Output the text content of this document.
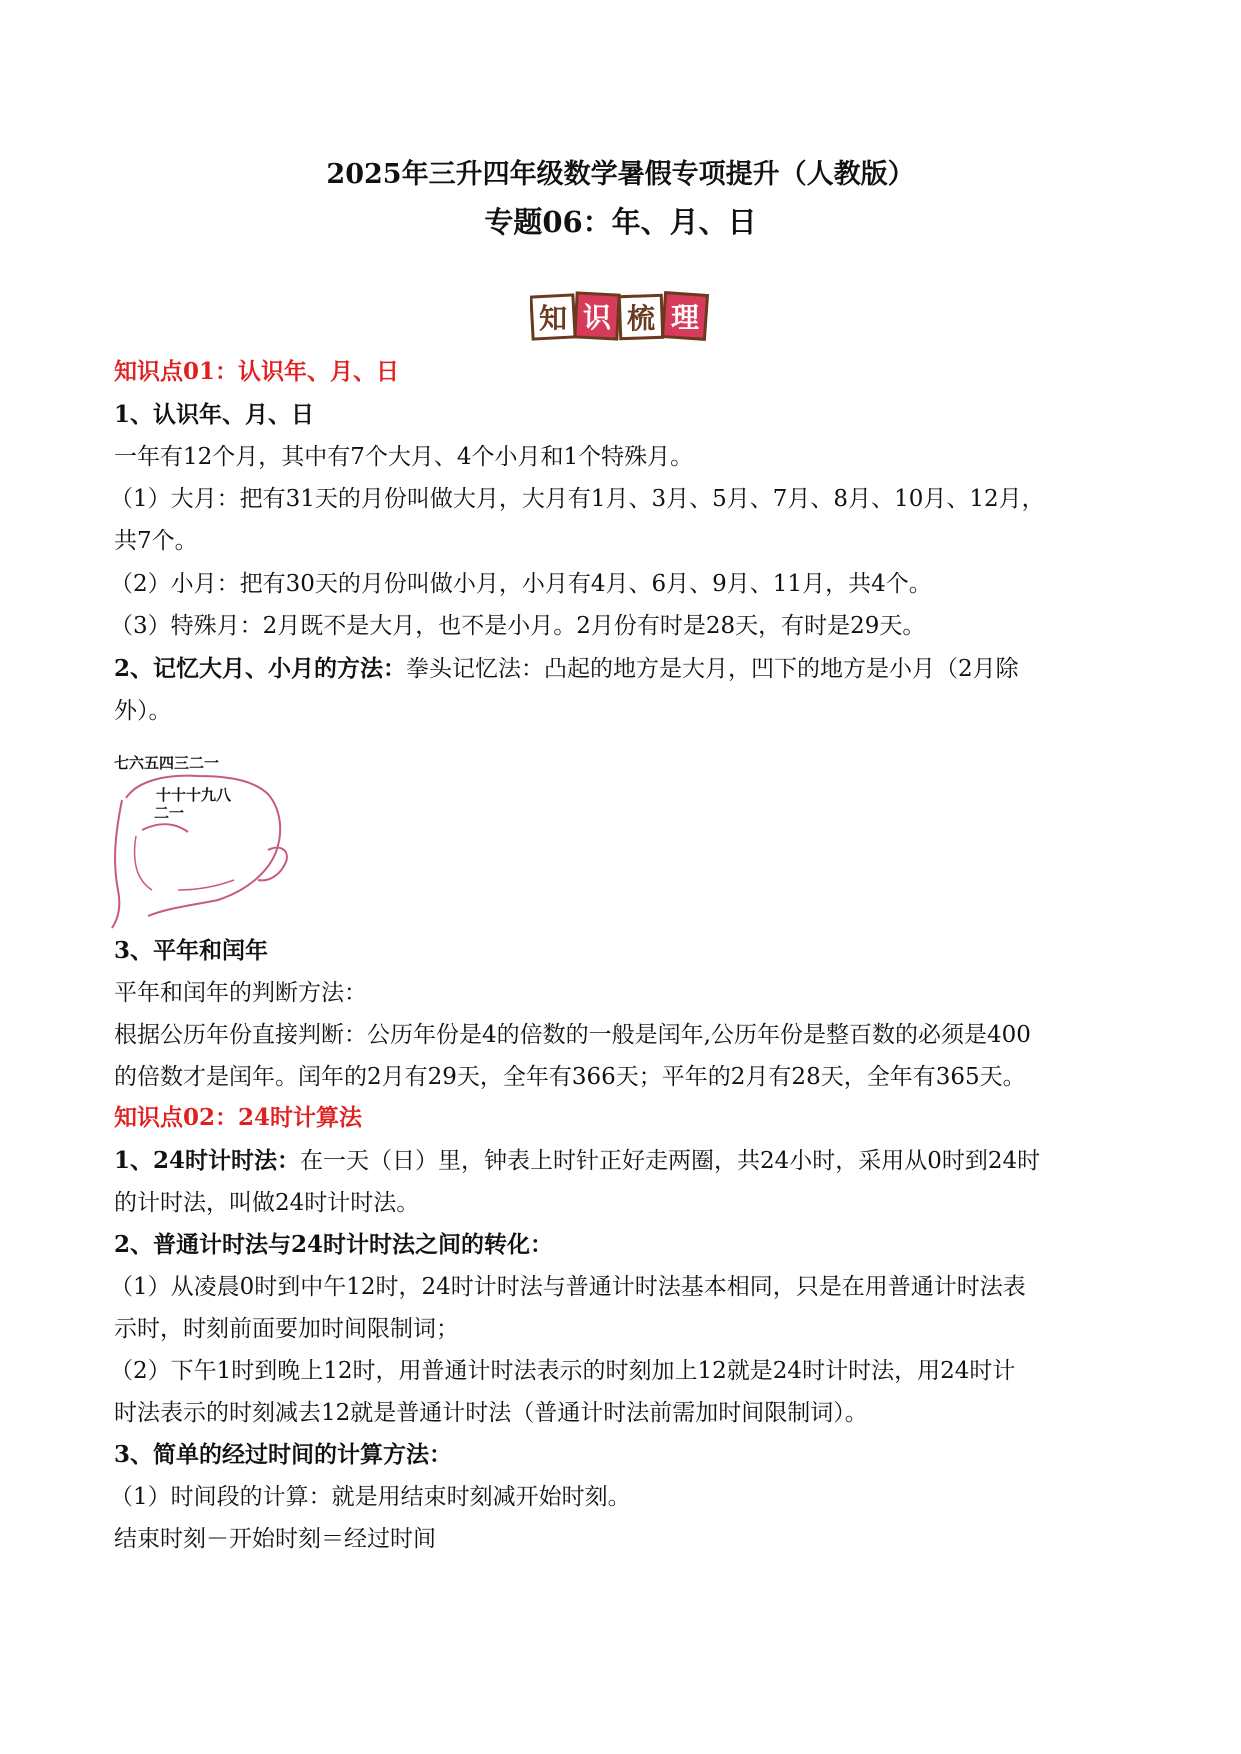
2025年三升四年级数学暑假专项提升（人教版）
专题06：年、月、日
知 识 梳 理
知识点01：认识年、月、日
1、认识年、月、日
一年有12个月，其中有7个大月、4个小月和1个特殊月。
（1）大月：把有31天的月份叫做大月，大月有1月、3月、5月、7月、8月、10月、12月，
共7个。
（2）小月：把有30天的月份叫做小月，小月有4月、6月、9月、11月，共4个。
（3）特殊月：2月既不是大月，也不是小月。2月份有时是28天，有时是29天。
2、记忆大月、小月的方法：拳头记忆法：凸起的地方是大月，凹下的地方是小月（2月除
外）。
七六五四三二一
十十十九八
二一
3、平年和闰年
平年和闰年的判断方法：
根据公历年份直接判断：公历年份是4的倍数的一般是闰年,公历年份是整百数的必须是400
的倍数才是闰年。闰年的2月有29天，全年有366天；平年的2月有28天，全年有365天。
知识点02：24时计算法
1、24时计时法：在一天（日）里，钟表上时针正好走两圈，共24小时，采用从0时到24时
的计时法，叫做24时计时法。
2、普通计时法与24时计时法之间的转化：
（1）从凌晨0时到中午12时，24时计时法与普通计时法基本相同，只是在用普通计时法表
示时，时刻前面要加时间限制词；
（2）下午1时到晚上12时，用普通计时法表示的时刻加上12就是24时计时法，用24时计
时法表示的时刻减去12就是普通计时法（普通计时法前需加时间限制词）。
3、简单的经过时间的计算方法：
（1）时间段的计算：就是用结束时刻减开始时刻。
结束时刻－开始时刻＝经过时间
